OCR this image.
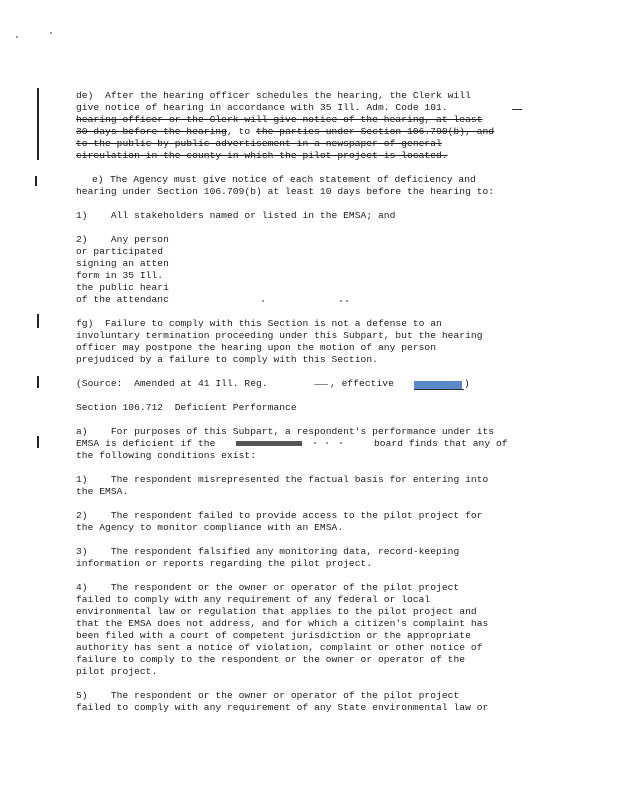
de)  After the hearing officer schedules the hearing, the Clerk will
give notice of hearing in accordance with 35 Ill. Adm. Code 101.
hearing officer or the Clerk will give notice of the hearing, at least
30 days before the hearing, to the parties under Section 106.790(b), and
to the public by public advertisement in a newspaper of general
circulation in the county in which the pilot project is located.
e) The Agency must give notice of each statement of deficiency and
hearing under Section 106.709(b) at least 10 days before the hearing to:
1)    All stakeholders named or listed in the EMSA; and
2)    Any person
or participated
signing an atten
form in 35 Ill.
the public heari
of the attendanc
fg)  Failure to comply with this Section is not a defense to an
involuntary termination proceeding under this Subpart, but the hearing
officer may postpone the hearing upon the motion of any person
prejudiced by a failure to comply with this Section.
(Source:  Amended at 41 Ill. Reg.	, effective	)
Section 106.712  Deficient Performance
a)    For purposes of this Subpart, a respondent's performance under its
EMSA is deficient if the	board finds that any of
the following conditions exist:
1)    The respondent misrepresented the factual basis for entering into
the EMSA.
2)    The respondent failed to provide access to the pilot project for
the Agency to monitor compliance with an EMSA.
3)    The respondent falsified any monitoring data, record-keeping
information or reports regarding the pilot project.
4)    The respondent or the owner or operator of the pilot project
failed to comply with any requirement of any federal or local
environmental law or regulation that applies to the pilot project and
that the EMSA does not address, and for which a citizen's complaint has
been filed with a court of competent jurisdiction or the appropriate
authority has sent a notice of violation, complaint or other notice of
failure to comply to the respondent or the owner or operator of the
pilot project.
5)    The respondent or the owner or operator of the pilot project
failed to comply with any requirement of any State environmental law or
